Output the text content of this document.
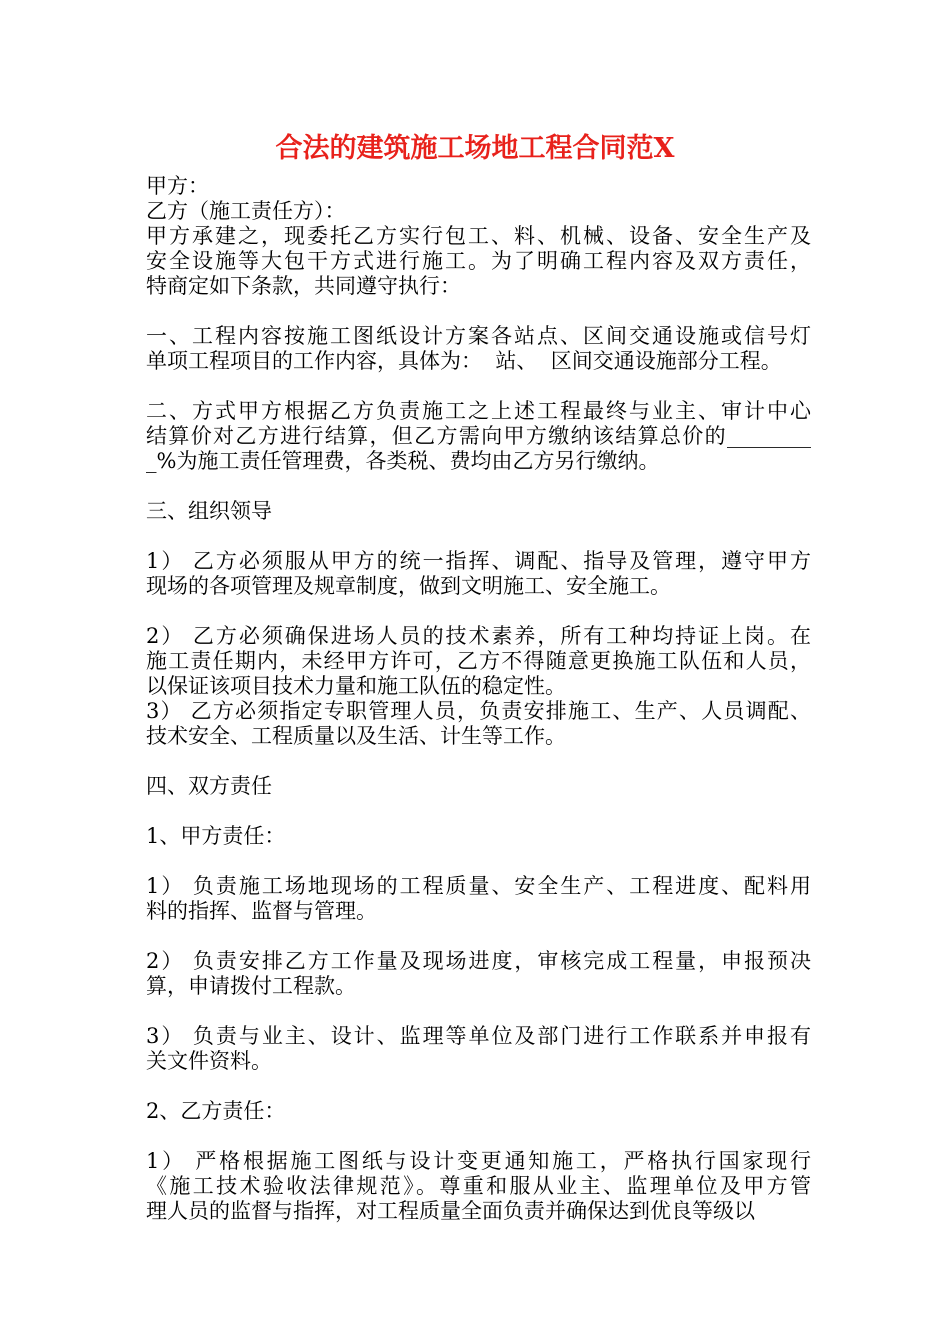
合法的建筑施工场地工程合同范X
甲方：
乙方（施工责任方）：
甲方承建之，现委托乙方实行包工、料、机械、设备、安全生产及
安全设施等大包干方式进行施工。为了明确工程内容及双方责任，
特商定如下条款，共同遵守执行：
一、工程内容按施工图纸设计方案各站点、区间交通设施或信号灯
单项工程项目的工作内容，具体为：  站、  区间交通设施部分工程。
二、方式甲方根据乙方负责施工之上述工程最终与业主、审计中心
结算价对乙方进行结算，但乙方需向甲方缴纳该结算总价的________
_%为施工责任管理费，各类税、费均由乙方另行缴纳。
三、组织领导
1） 乙方必须服从甲方的统一指挥、调配、指导及管理，遵守甲方
现场的各项管理及规章制度，做到文明施工、安全施工。
2） 乙方必须确保进场人员的技术素养，所有工种均持证上岗。在
施工责任期内，未经甲方许可，乙方不得随意更换施工队伍和人员，
以保证该项目技术力量和施工队伍的稳定性。
3） 乙方必须指定专职管理人员，负责安排施工、生产、人员调配、
技术安全、工程质量以及生活、计生等工作。
四、双方责任
1、甲方责任：
1） 负责施工场地现场的工程质量、安全生产、工程进度、配料用
料的指挥、监督与管理。
2） 负责安排乙方工作量及现场进度，审核完成工程量，申报预决
算，申请拨付工程款。
3） 负责与业主、设计、监理等单位及部门进行工作联系并申报有
关文件资料。
2、乙方责任：
1） 严格根据施工图纸与设计变更通知施工，严格执行国家现行
《施工技术验收法律规范》。尊重和服从业主、监理单位及甲方管
理人员的监督与指挥，对工程质量全面负责并确保达到优良等级以
